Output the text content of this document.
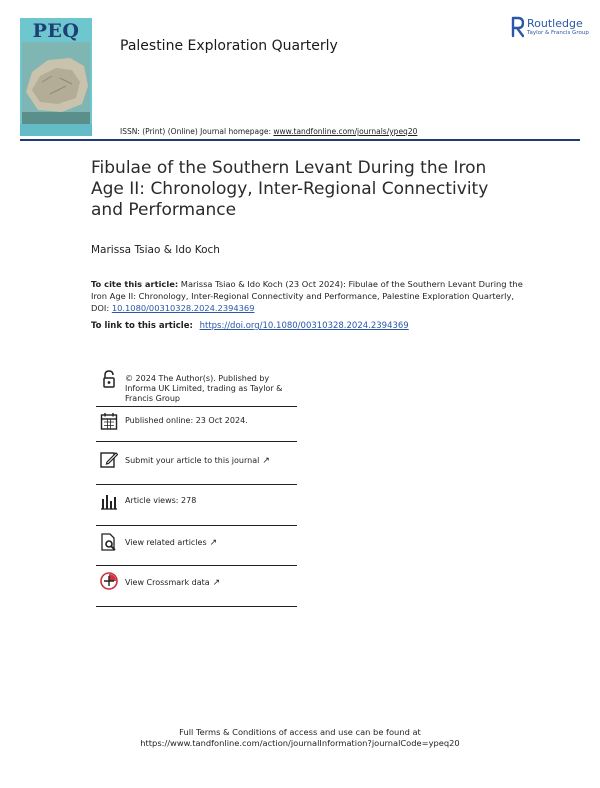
PEQ
Palestine Exploration Quarterly
Routledge
Taylor & Francis Group
ISSN: (Print) (Online) Journal homepage: www.tandfonline.com/journals/ypeq20
Fibulae of the Southern Levant During the Iron Age II: Chronology, Inter-Regional Connectivity and Performance
Marissa Tsiao & Ido Koch
To cite this article: Marissa Tsiao & Ido Koch (23 Oct 2024): Fibulae of the Southern Levant During the Iron Age II: Chronology, Inter-Regional Connectivity and Performance, Palestine Exploration Quarterly, DOI: 10.1080/00310328.2024.2394369
To link to this article: https://doi.org/10.1080/00310328.2024.2394369
© 2024 The Author(s). Published by Informa UK Limited, trading as Taylor & Francis Group
Published online: 23 Oct 2024.
Submit your article to this journal ↗
Article views: 278
View related articles ↗
View Crossmark data ↗
Full Terms & Conditions of access and use can be found at
https://www.tandfonline.com/action/journalInformation?journalCode=ypeq20
